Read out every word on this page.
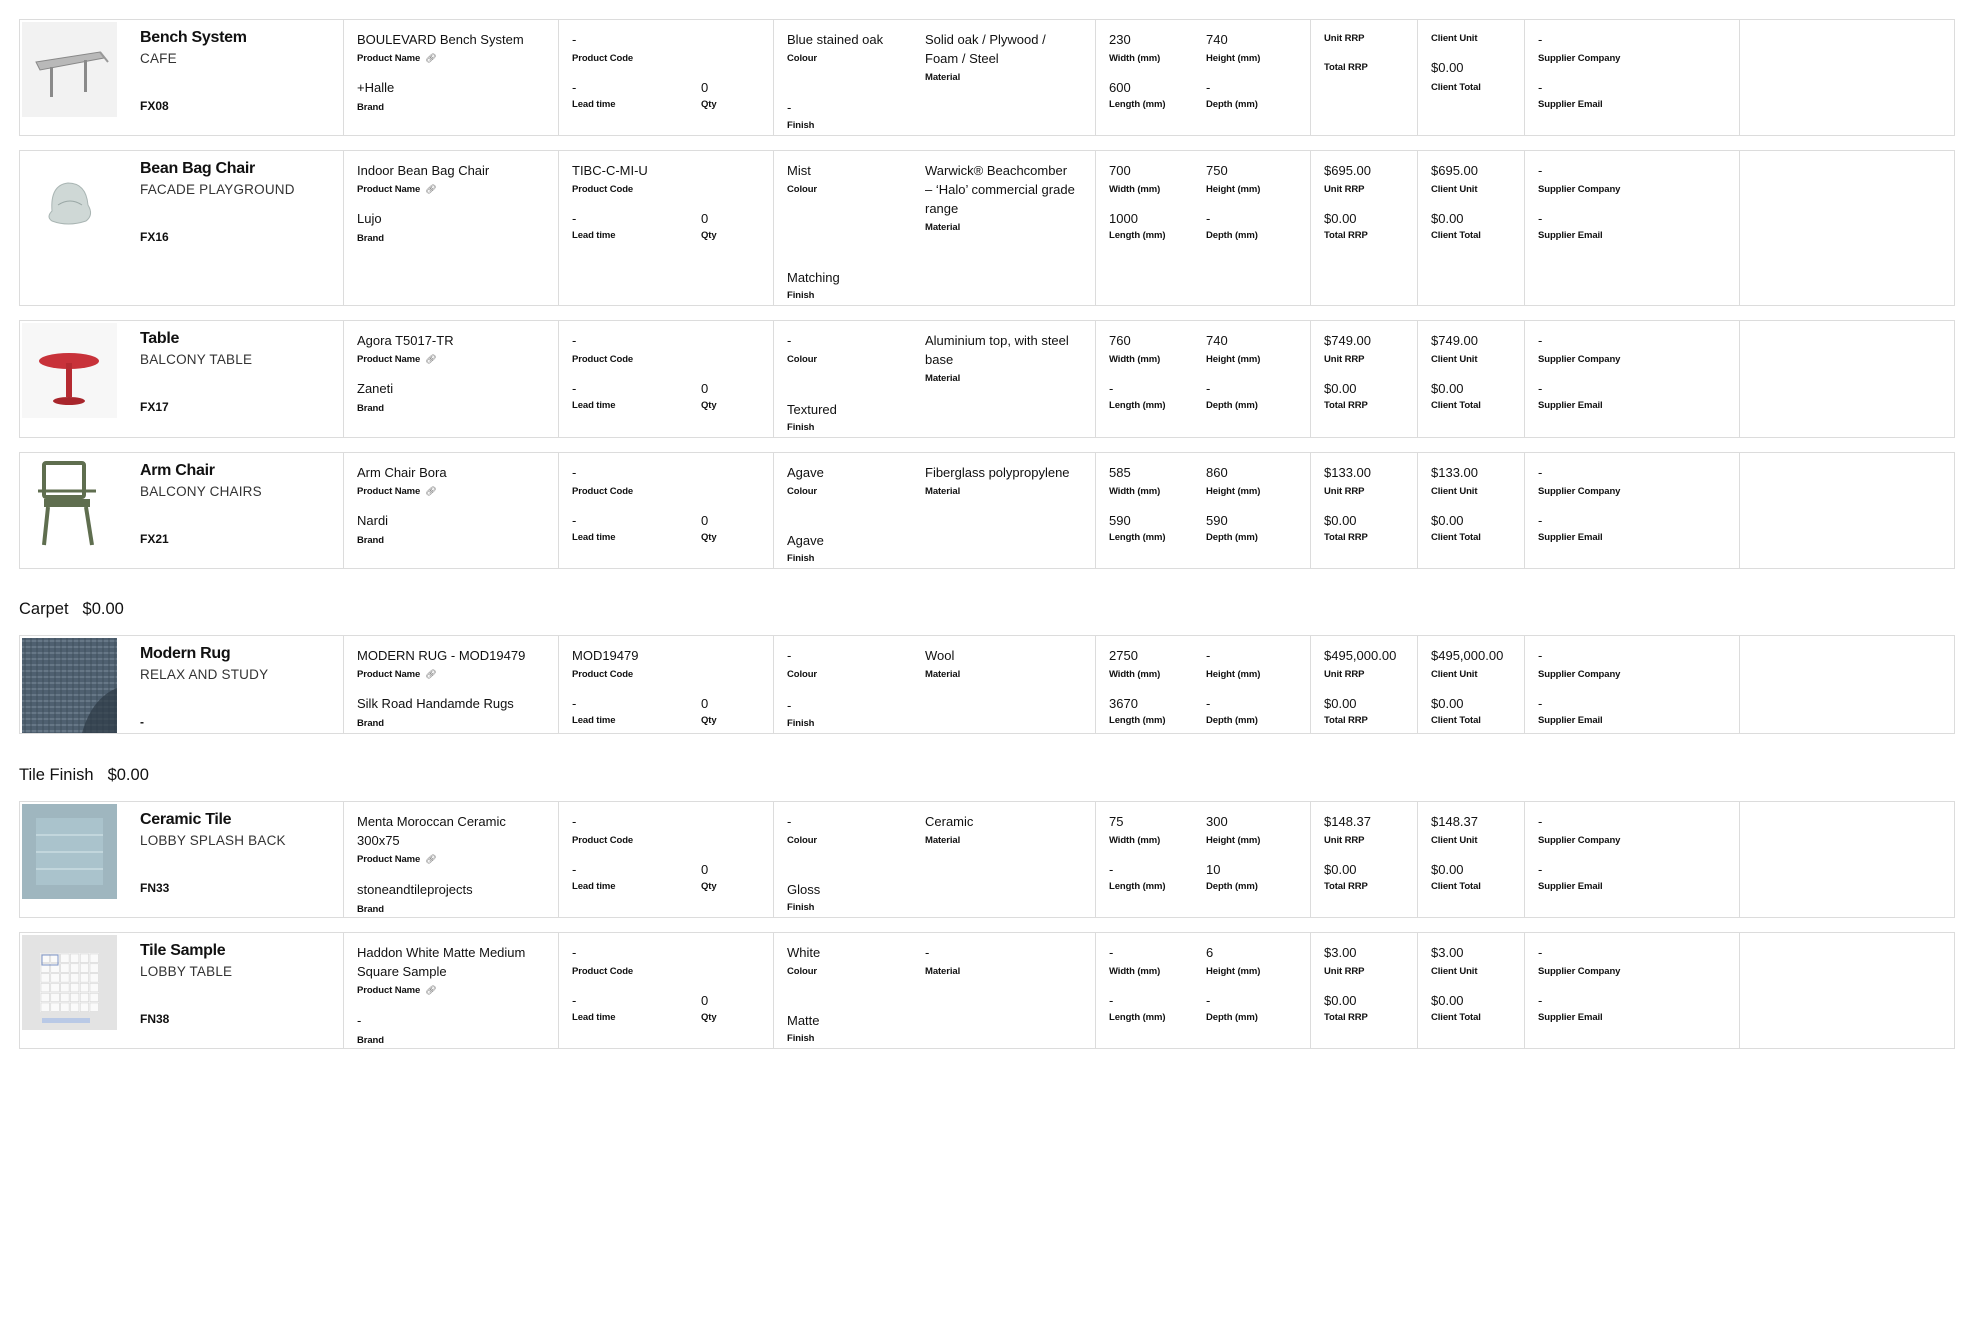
Bench System
CAFE
FX08
BOULEVARD Bench System
Product Name 🔗︎
+Halle
Brand
-
Product Code
-
Lead time
0
Qty
Blue stained oak
Colour
-
Finish
Solid oak / Plywood / Foam / Steel
Material
230
Width (mm)
740
Height (mm)
600
Length (mm)
-
Depth (mm)
Unit RRP
Total RRP
Client Unit
$0.00
Client Total
-
Supplier Company
-
Supplier Email
Bean Bag Chair
FACADE PLAYGROUND
FX16
Indoor Bean Bag Chair
Product Name 🔗︎
Lujo
Brand
TIBC-C-MI-U
Product Code
-
Lead time
0
Qty
Mist
Colour
Matching
Finish
Warwick® Beachcomber – ‘Halo’ commercial grade range
Material
700
Width (mm)
750
Height (mm)
1000
Length (mm)
-
Depth (mm)
$695.00
Unit RRP
$0.00
Total RRP
$695.00
Client Unit
$0.00
Client Total
-
Supplier Company
-
Supplier Email
Table
BALCONY TABLE
FX17
Agora T5017-TR
Product Name 🔗︎
Zaneti
Brand
-
Product Code
-
Lead time
0
Qty
-
Colour
Textured
Finish
Aluminium top, with steel base
Material
760
Width (mm)
740
Height (mm)
-
Length (mm)
-
Depth (mm)
$749.00
Unit RRP
$0.00
Total RRP
$749.00
Client Unit
$0.00
Client Total
-
Supplier Company
-
Supplier Email
Arm Chair
BALCONY CHAIRS
FX21
Arm Chair Bora
Product Name 🔗︎
Nardi
Brand
-
Product Code
-
Lead time
0
Qty
Agave
Colour
Agave
Finish
Fiberglass polypropylene
Material
585
Width (mm)
860
Height (mm)
590
Length (mm)
590
Depth (mm)
$133.00
Unit RRP
$0.00
Total RRP
$133.00
Client Unit
$0.00
Client Total
-
Supplier Company
-
Supplier Email
Modern Rug
RELAX AND STUDY
-
MODERN RUG - MOD19479
Product Name 🔗︎
Silk Road Handamde Rugs
Brand
MOD19479
Product Code
-
Lead time
0
Qty
-
Colour
-
Finish
Wool
Material
2750
Width (mm)
-
Height (mm)
3670
Length (mm)
-
Depth (mm)
$495,000.00
Unit RRP
$0.00
Total RRP
$495,000.00
Client Unit
$0.00
Client Total
-
Supplier Company
-
Supplier Email
Ceramic Tile
LOBBY SPLASH BACK
FN33
Menta Moroccan Ceramic 300x75
Product Name 🔗︎
stoneandtileprojects
Brand
-
Product Code
-
Lead time
0
Qty
-
Colour
Gloss
Finish
Ceramic
Material
75
Width (mm)
300
Height (mm)
-
Length (mm)
10
Depth (mm)
$148.37
Unit RRP
$0.00
Total RRP
$148.37
Client Unit
$0.00
Client Total
-
Supplier Company
-
Supplier Email
Tile Sample
LOBBY TABLE
FN38
Haddon White Matte Medium Square Sample
Product Name 🔗︎
-
Brand
-
Product Code
-
Lead time
0
Qty
White
Colour
Matte
Finish
-
Material
-
Width (mm)
6
Height (mm)
-
Length (mm)
-
Depth (mm)
$3.00
Unit RRP
$0.00
Total RRP
$3.00
Client Unit
$0.00
Client Total
-
Supplier Company
-
Supplier Email
Carpet $0.00
Tile Finish $0.00
